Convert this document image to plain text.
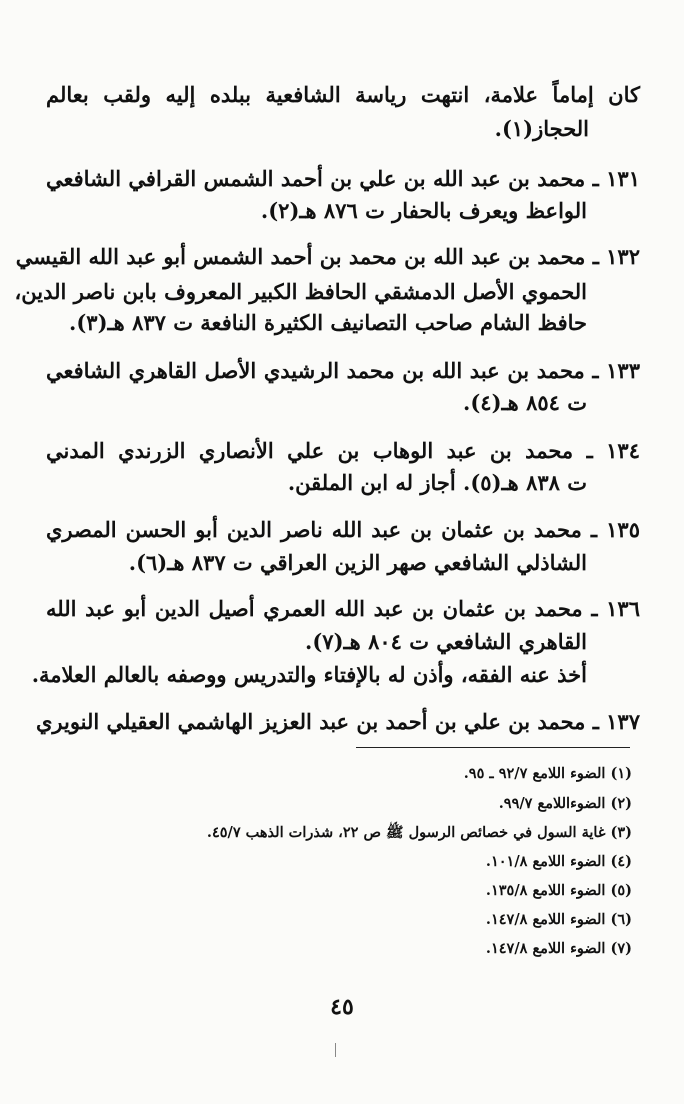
كان إماماً علامة، انتهت رياسة الشافعية ببلده إليه ولقب بعالم
الحجاز(١).
١٣١ ـ محمد بن عبد الله بن علي بن أحمد الشمس القرافي الشافعي
الواعظ ويعرف بالحفار ت ٨٧٦ هـ(٢).
١٣٢ ـ محمد بن عبد الله بن محمد بن أحمد الشمس أبو عبد الله القيسي
الحموي الأصل الدمشقي الحافظ الكبير المعروف بابن ناصر الدين،
حافظ الشام صاحب التصانيف الكثيرة النافعة ت ٨٣٧ هـ(٣).
١٣٣ ـ محمد بن عبد الله بن محمد الرشيدي الأصل القاهري الشافعي
ت ٨٥٤ هـ(٤).
١٣٤ ـ محمد بن عبد الوهاب بن علي الأنصاري الزرندي المدني
ت ٨٣٨ هـ(٥). أجاز له ابن الملقن.
١٣٥ ـ محمد بن عثمان بن عبد الله ناصر الدين أبو الحسن المصري
الشاذلي الشافعي صهر الزين العراقي ت ٨٣٧ هـ(٦).
١٣٦ ـ محمد بن عثمان بن عبد الله العمري أصيل الدين أبو عبد الله
القاهري الشافعي ت ٨٠٤ هـ(٧).
أخذ عنه الفقه، وأذن له بالإفتاء والتدريس ووصفه بالعالم العلامة.
١٣٧ ـ محمد بن علي بن أحمد بن عبد العزيز الهاشمي العقيلي النويري
(١) الضوء اللامع ٩٢/٧ ـ ٩٥.
(٢) الضوءاللامع ٩٩/٧.
(٣) غاية السول في خصائص الرسول ﷺ ص ٢٢، شذرات الذهب ٤٥/٧.
(٤) الضوء اللامع ١٠١/٨.
(٥) الضوء اللامع ١٣٥/٨.
(٦) الضوء اللامع ١٤٧/٨.
(٧) الضوء اللامع ١٤٧/٨.
٤٥
